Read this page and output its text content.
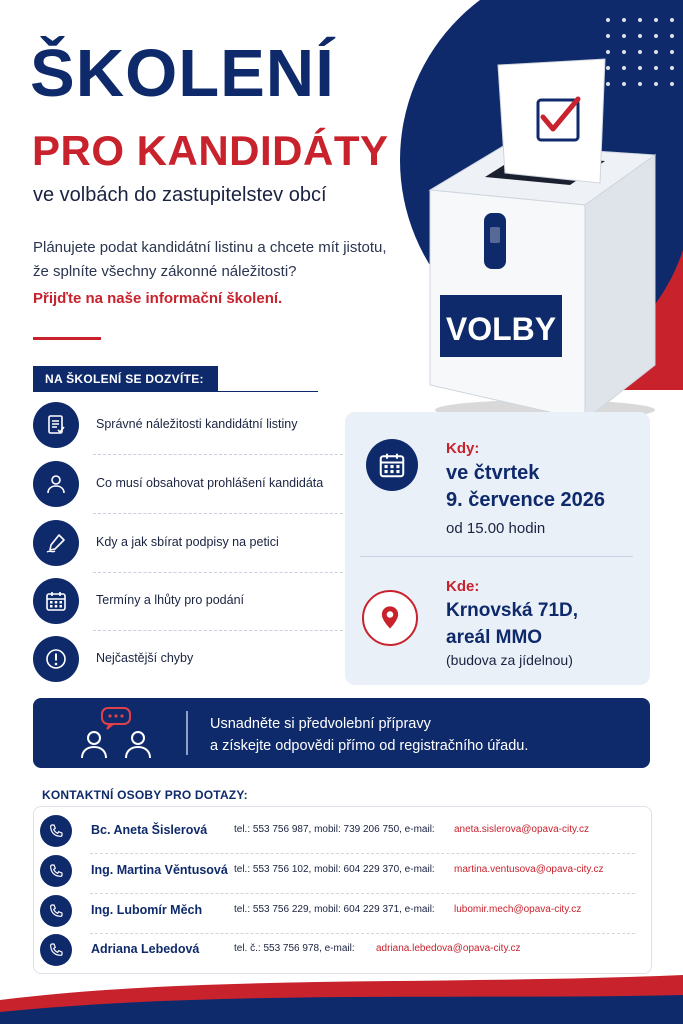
VOLBY
ŠKOLENÍ
PRO KANDIDÁTY
ve volbách do zastupitelstev obcí
Plánujete podat kandidátní listinu a chcete mít jistotu,
že splníte všechny zákonné náležitosti?
Přijďte na naše informační školení.
NA ŠKOLENÍ SE DOZVÍTE:
Správné náležitosti kandidátní listiny
Co musí obsahovat prohlášení kandidáta
Kdy a jak sbírat podpisy na petici
Termíny a lhůty pro podání
Nejčastější chyby
Kdy:
ve čtvrtek
9. července 2026
od 15.00 hodin
Kde:
Krnovská 71D,
areál MMO
(budova za jídelnou)
Usnadněte si předvolební přípravy
a získejte odpovědi přímo od registračního úřadu.
KONTAKTNÍ OSOBY PRO DOTAZY:
Bc. Aneta Šislerová	tel.: 553 756 987, mobil: 739 206 750, e-mail: aneta.sislerova@opava-city.cz
Ing. Martina Věntusová tel.: 553 756 102, mobil: 604 229 370, e-mail: martina.ventusova@opava-city.cz
Ing. Lubomír Měch	tel.: 553 756 229, mobil: 604 229 371, e-mail: lubomir.mech@opava-city.cz
Adriana Lebedová	tel. č.: 553 756 978, e-mail: adriana.lebedova@opava-city.cz
